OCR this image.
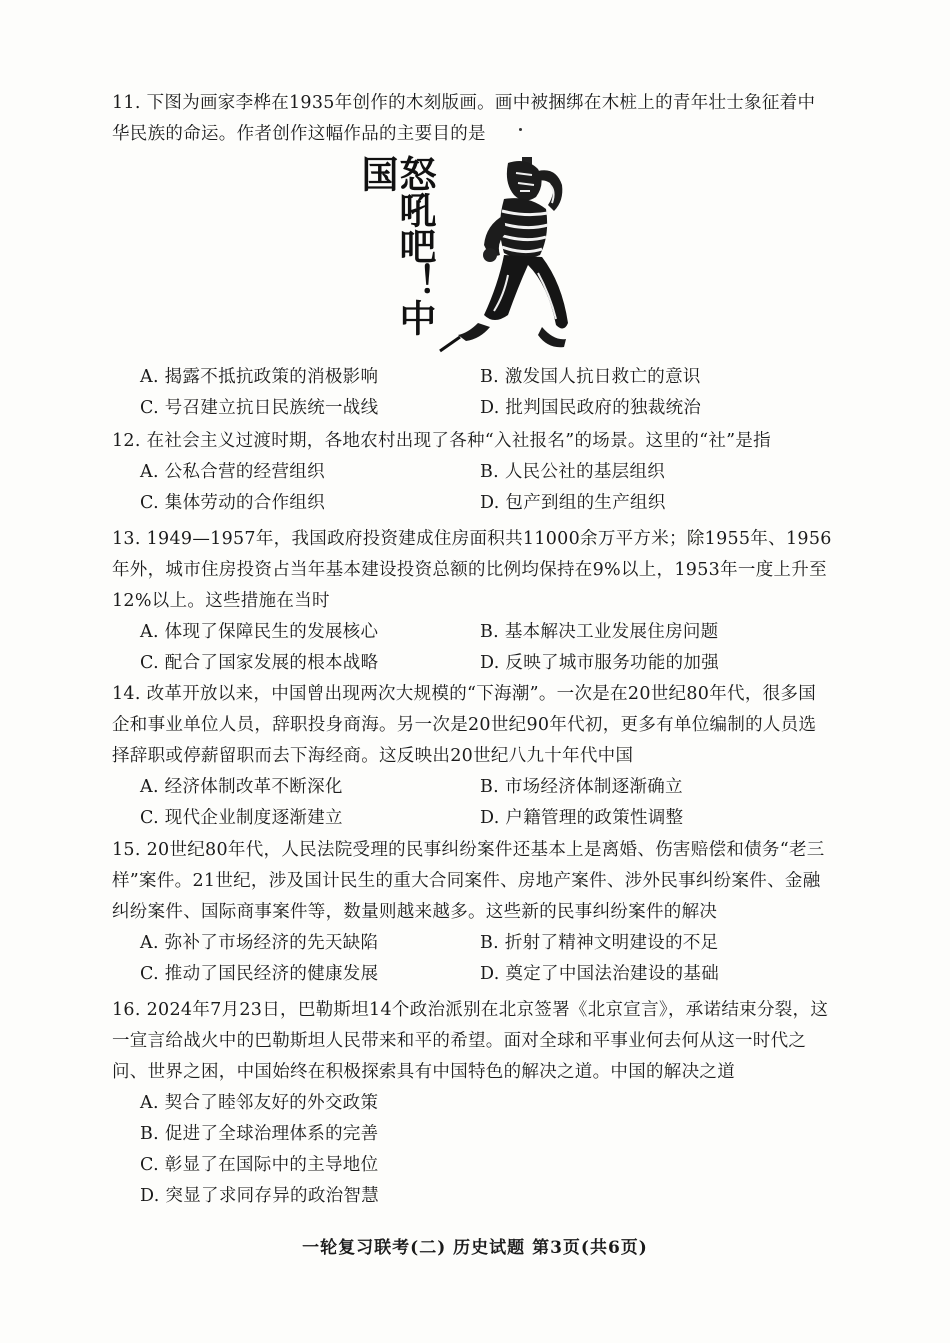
11. 下图为画家李桦在1935年创作的木刻版画。画中被捆绑在木桩上的青年壮士象征着中华民族的命运。作者创作这幅作品的主要目的是
怒吼吧！中国
A. 揭露不抵抗政策的消极影响	B. 激发国人抗日救亡的意识
C. 号召建立抗日民族统一战线	D. 批判国民政府的独裁统治
12. 在社会主义过渡时期，各地农村出现了各种“入社报名”的场景。这里的“社”是指
A. 公私合营的经营组织	B. 人民公社的基层组织
C. 集体劳动的合作组织	D. 包产到组的生产组织
13. 1949—1957年，我国政府投资建成住房面积共11000余万平方米；除1955年、1956年外，城市住房投资占当年基本建设投资总额的比例均保持在9%以上，1953年一度上升至12%以上。这些措施在当时
A. 体现了保障民生的发展核心	B. 基本解决工业发展住房问题
C. 配合了国家发展的根本战略	D. 反映了城市服务功能的加强
14. 改革开放以来，中国曾出现两次大规模的“下海潮”。一次是在20世纪80年代，很多国企和事业单位人员，辞职投身商海。另一次是20世纪90年代初，更多有单位编制的人员选择辞职或停薪留职而去下海经商。这反映出20世纪八九十年代中国
A. 经济体制改革不断深化	B. 市场经济体制逐渐确立
C. 现代企业制度逐渐建立	D. 户籍管理的政策性调整
15. 20世纪80年代，人民法院受理的民事纠纷案件还基本上是离婚、伤害赔偿和债务“老三样”案件。21世纪，涉及国计民生的重大合同案件、房地产案件、涉外民事纠纷案件、金融纠纷案件、国际商事案件等，数量则越来越多。这些新的民事纠纷案件的解决
A. 弥补了市场经济的先天缺陷	B. 折射了精神文明建设的不足
C. 推动了国民经济的健康发展	D. 奠定了中国法治建设的基础
16. 2024年7月23日，巴勒斯坦14个政治派别在北京签署《北京宣言》，承诺结束分裂，这一宣言给战火中的巴勒斯坦人民带来和平的希望。面对全球和平事业何去何从这一时代之问、世界之困，中国始终在积极探索具有中国特色的解决之道。中国的解决之道
A. 契合了睦邻友好的外交政策
B. 促进了全球治理体系的完善
C. 彰显了在国际中的主导地位
D. 突显了求同存异的政治智慧
一轮复习联考(二) 历史试题 第3页(共6页)
